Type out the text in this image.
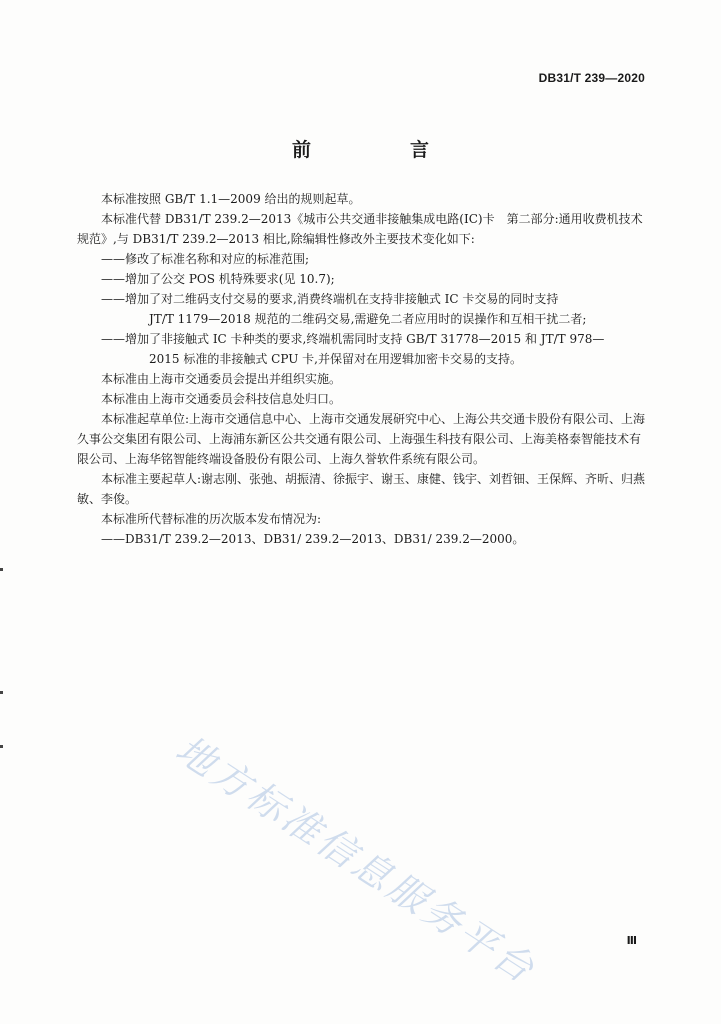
DB31/T 239—2020
前　言

本标准按照 GB/T 1.1—2009 给出的规则起草。

本标准代替 DB31/T 239.2—2013《城市公共交通非接触集成电路(IC)卡　第二部分:通用收费机技术规范》,与 DB31/T 239.2—2013 相比,除编辑性修改外主要技术变化如下:

——修改了标准名称和对应的标准范围;

——增加了公交 POS 机特殊要求(见 10.7);

——增加了对二维码支付交易的要求,消费终端机在支持非接触式 IC 卡交易的同时支持

JT/T 1179—2018 规范的二维码交易,需避免二者应用时的误操作和互相干扰二者;

——增加了非接触式 IC 卡种类的要求,终端机需同时支持 GB/T 31778—2015 和 JT/T 978—

2015 标准的非接触式 CPU 卡,并保留对在用逻辑加密卡交易的支持。

本标准由上海市交通委员会提出并组织实施。

本标准由上海市交通委员会科技信息处归口。

本标准起草单位:上海市交通信息中心、上海市交通发展研究中心、上海公共交通卡股份有限公司、上海久事公交集团有限公司、上海浦东新区公共交通有限公司、上海强生科技有限公司、上海美格泰智能技术有限公司、上海华铭智能终端设备股份有限公司、上海久誉软件系统有限公司。

本标准主要起草人:谢志刚、张弛、胡振清、徐振宇、谢玉、康健、钱宇、刘哲钿、王保辉、齐昕、归燕敏、李俊。

本标准所代替标准的历次版本发布情况为:

——DB31/T 239.2—2013、DB31/ 239.2—2013、DB31/ 239.2—2000。

地方标准信息服务平台	Ⅲ
